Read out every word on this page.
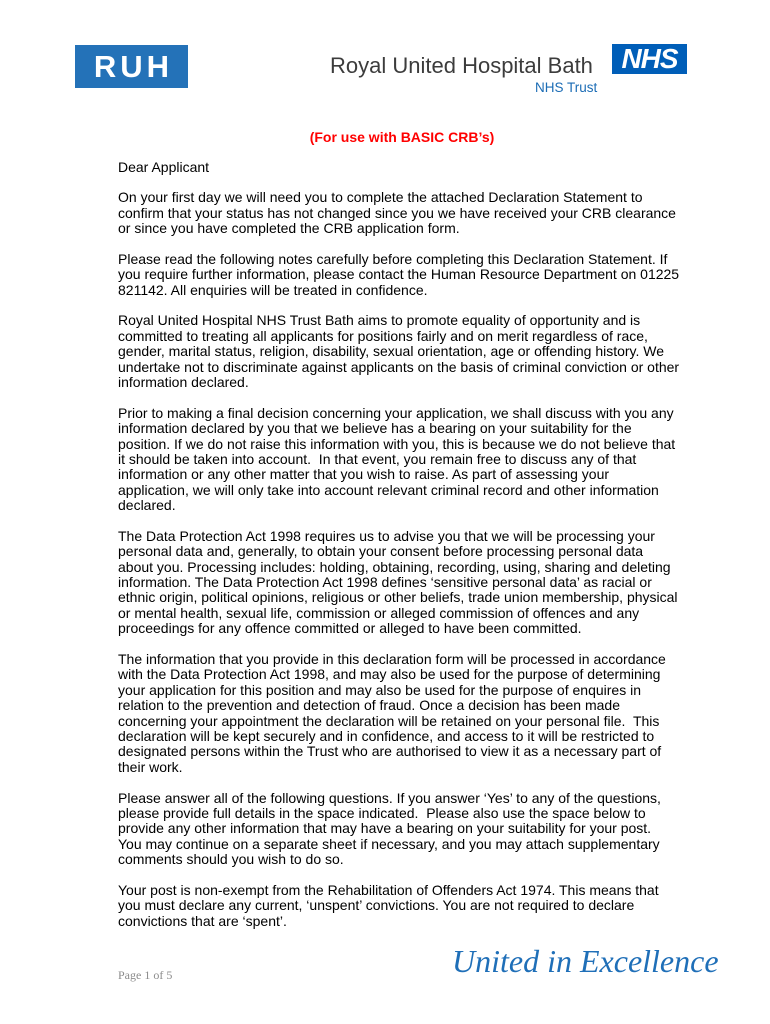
RUH	Royal United Hospital Bath NHS
NHS Trust
(For use with BASIC CRB’s)
Dear Applicant
On your first day we will need you to complete the attached Declaration Statement to
confirm that your status has not changed since you we have received your CRB clearance
or since you have completed the CRB application form.
Please read the following notes carefully before completing this Declaration Statement. If
you require further information, please contact the Human Resource Department on 01225
821142. All enquiries will be treated in confidence.
Royal United Hospital NHS Trust Bath aims to promote equality of opportunity and is
committed to treating all applicants for positions fairly and on merit regardless of race,
gender, marital status, religion, disability, sexual orientation, age or offending history. We
undertake not to discriminate against applicants on the basis of criminal conviction or other
information declared.
Prior to making a final decision concerning your application, we shall discuss with you any
information declared by you that we believe has a bearing on your suitability for the
position. If we do not raise this information with you, this is because we do not believe that
it should be taken into account.  In that event, you remain free to discuss any of that
information or any other matter that you wish to raise. As part of assessing your
application, we will only take into account relevant criminal record and other information
declared.
The Data Protection Act 1998 requires us to advise you that we will be processing your
personal data and, generally, to obtain your consent before processing personal data
about you. Processing includes: holding, obtaining, recording, using, sharing and deleting
information. The Data Protection Act 1998 defines ‘sensitive personal data’ as racial or
ethnic origin, political opinions, religious or other beliefs, trade union membership, physical
or mental health, sexual life, commission or alleged commission of offences and any
proceedings for any offence committed or alleged to have been committed.
The information that you provide in this declaration form will be processed in accordance
with the Data Protection Act 1998, and may also be used for the purpose of determining
your application for this position and may also be used for the purpose of enquires in
relation to the prevention and detection of fraud. Once a decision has been made
concerning your appointment the declaration will be retained on your personal file.  This
declaration will be kept securely and in confidence, and access to it will be restricted to
designated persons within the Trust who are authorised to view it as a necessary part of
their work.
Please answer all of the following questions. If you answer ‘Yes’ to any of the questions,
please provide full details in the space indicated.  Please also use the space below to
provide any other information that may have a bearing on your suitability for your post.
You may continue on a separate sheet if necessary, and you may attach supplementary
comments should you wish to do so.
Your post is non-exempt from the Rehabilitation of Offenders Act 1974. This means that
you must declare any current, ‘unspent’ convictions. You are not required to declare
convictions that are ‘spent’.
Page 1 of 5	United in Excellence
